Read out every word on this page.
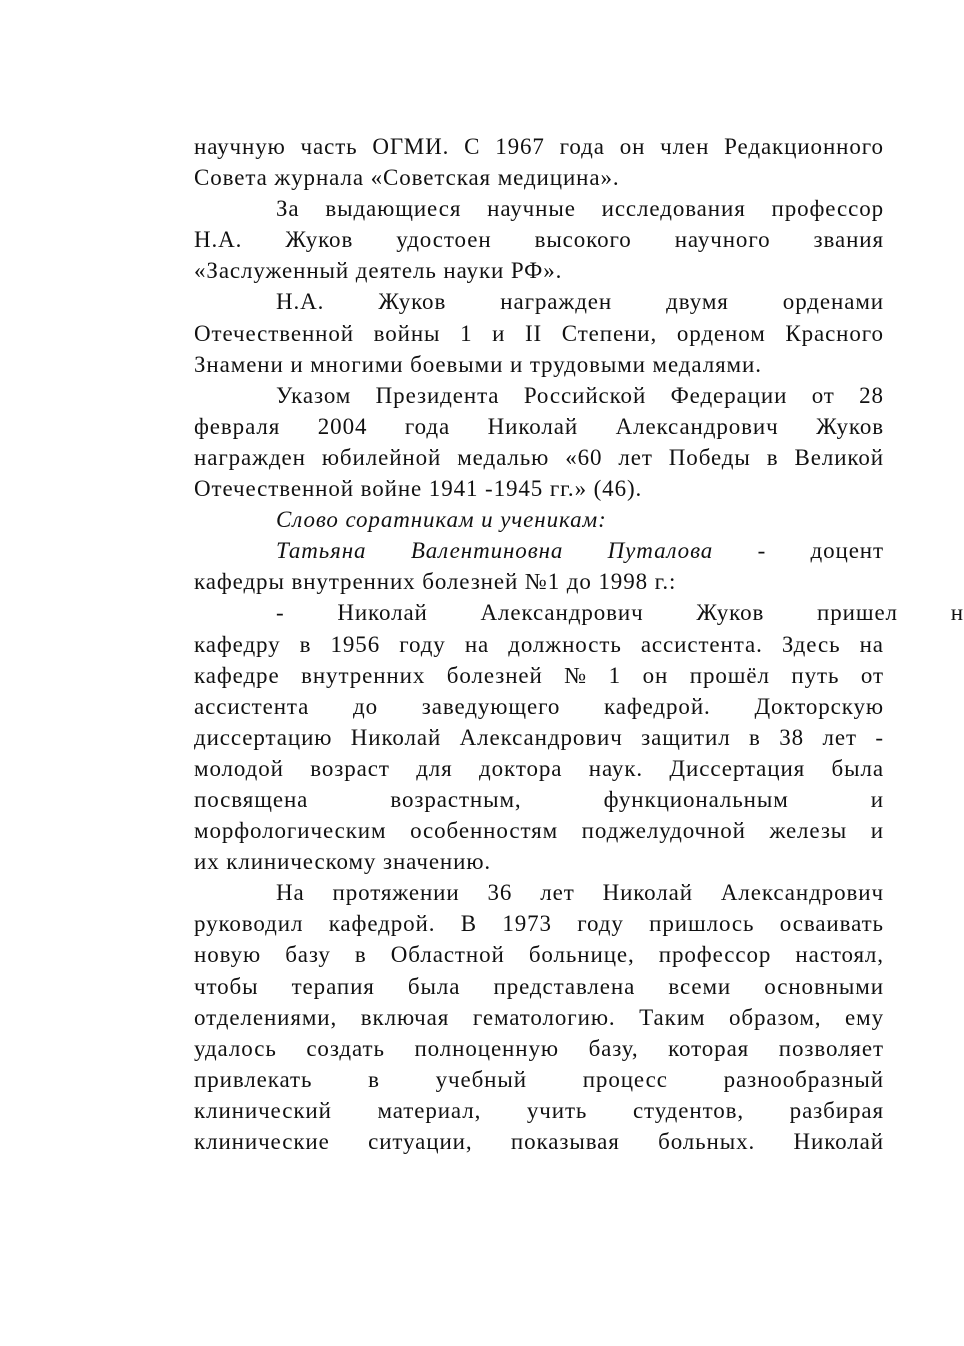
научную часть ОГМИ. С 1967 года он член Редакционного
Совета журнала «Советская медицина».
За выдающиеся научные исследования профессор
Н.А. Жуков удостоен высокого научного звания
«Заслуженный деятель науки РФ».
Н.А. Жуков награжден двумя орденами
Отечественной войны 1 и II Степени, орденом Красного
Знамени и многими боевыми и трудовыми медалями.
Указом Президента Российской Федерации от 28
февраля 2004 года Николай Александрович Жуков
награжден юбилейной медалью «60 лет Победы в Великой
Отечественной войне 1941 -1945 гг.» (46).
Слово соратникам и ученикам:
Татьяна Валентиновна Путалова - доцент
кафедры внутренних болезней №1 до 1998 г.:
- Николай Александрович Жуков пришел н
кафедру в 1956 году на должность ассистента. Здесь на
кафедре внутренних болезней № 1 он прошёл путь от
ассистента до заведующего кафедрой. Докторскую
диссертацию Николай Александрович защитил в 38 лет -
молодой возраст для доктора наук. Диссертация была
посвящена	возрастным,	функциональным	и
морфологическим особенностям поджелудочной железы и
их клиническому значению.
На протяжении 36 лет Николай Александрович
руководил кафедрой. В 1973 году пришлось осваивать
новую базу в Областной больнице, профессор настоял,
чтобы терапия была представлена всеми основными
отделениями, включая гематологию. Таким образом, ему
удалось создать полноценную базу, которая позволяет
привлекать в учебный процесс разнообразный
клинический материал, учить студентов, разбирая
клинические ситуации, показывая больных. Николай
